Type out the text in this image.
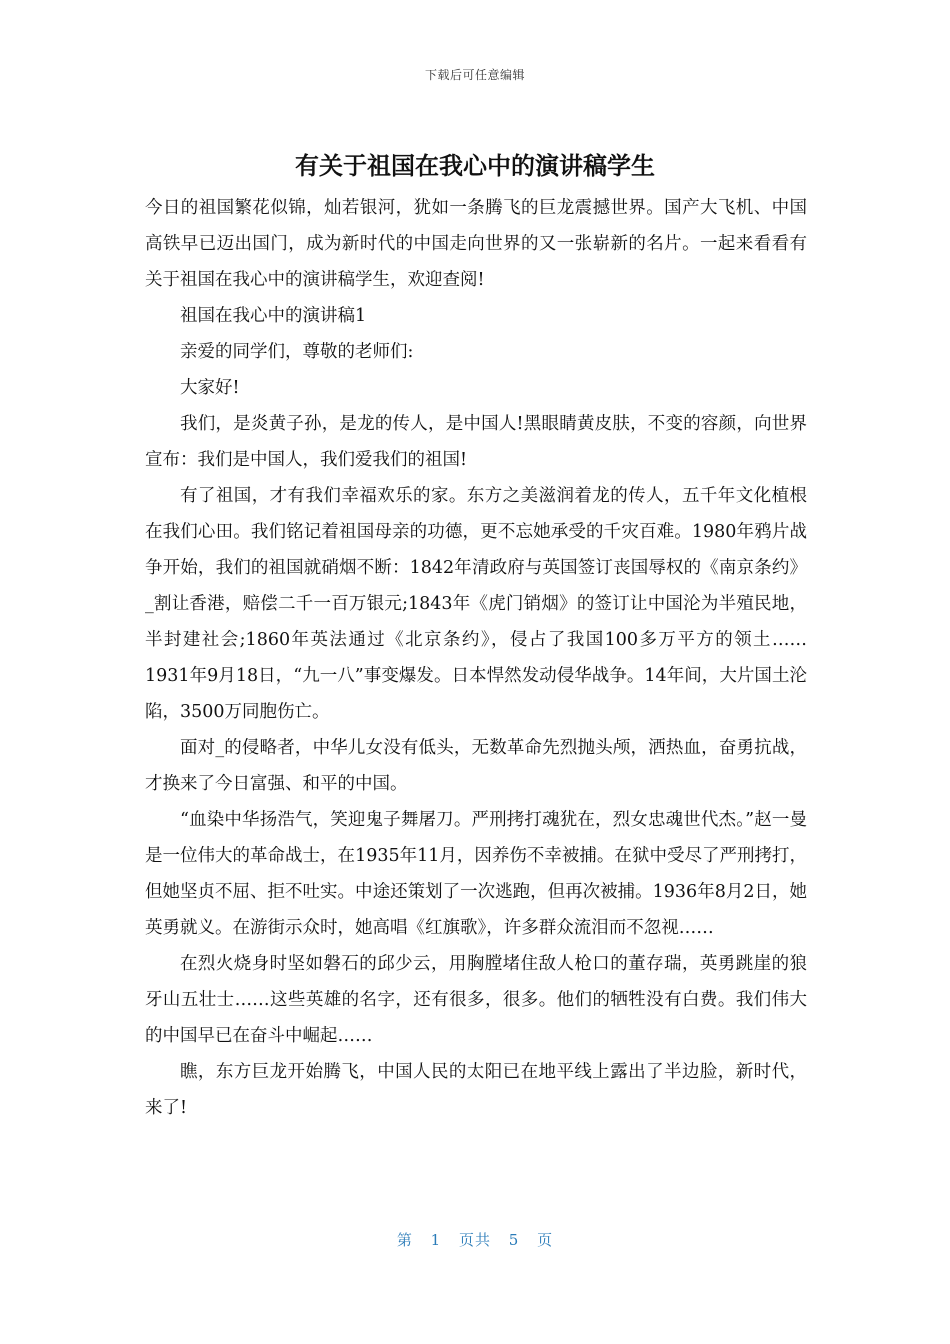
下载后可任意编辑
有关于祖国在我心中的演讲稿学生

今日的祖国繁花似锦，灿若银河，犹如一条腾飞的巨龙震撼世界。国产大飞机、中国高铁早已迈出国门，成为新时代的中国走向世界的又一张崭新的名片。一起来看看有关于祖国在我心中的演讲稿学生，欢迎查阅!

祖国在我心中的演讲稿1

亲爱的同学们，尊敬的老师们:

大家好!

我们，是炎黄子孙，是龙的传人，是中国人!黑眼睛黄皮肤，不变的容颜，向世界宣布：我们是中国人，我们爱我们的祖国!

有了祖国，才有我们幸福欢乐的家。东方之美滋润着龙的传人，五千年文化植根在我们心田。我们铭记着祖国母亲的功德，更不忘她承受的千灾百难。1980年鸦片战争开始，我们的祖国就硝烟不断：1842年清政府与英国签订丧国辱权的《南京条约》_割让香港，赔偿二千一百万银元;1843年《虎门销烟》的签订让中国沦为半殖民地，半封建社会;1860年英法通过《北京条约》，侵占了我国100多万平方的领土……1931年9月18日，“九一八”事变爆发。日本悍然发动侵华战争。14年间，大片国土沦陷，3500万同胞伤亡。

面对_的侵略者，中华儿女没有低头，无数革命先烈抛头颅，洒热血，奋勇抗战，才换来了今日富强、和平的中国。

“血染中华扬浩气，笑迎鬼子舞屠刀。严刑拷打魂犹在，烈女忠魂世代杰。”赵一曼是一位伟大的革命战士，在1935年11月，因养伤不幸被捕。在狱中受尽了严刑拷打，但她坚贞不屈、拒不吐实。中途还策划了一次逃跑，但再次被捕。1936年8月2日，她英勇就义。在游街示众时，她高唱《红旗歌》，许多群众流泪而不忽视……

在烈火烧身时坚如磐石的邱少云，用胸膛堵住敌人枪口的董存瑞，英勇跳崖的狼牙山五壮士……这些英雄的名字，还有很多，很多。他们的牺牲没有白费。我们伟大的中国早已在奋斗中崛起……

瞧，东方巨龙开始腾飞，中国人民的太阳已在地平线上露出了半边脸，新时代，来了!

第 1 页共 5 页
